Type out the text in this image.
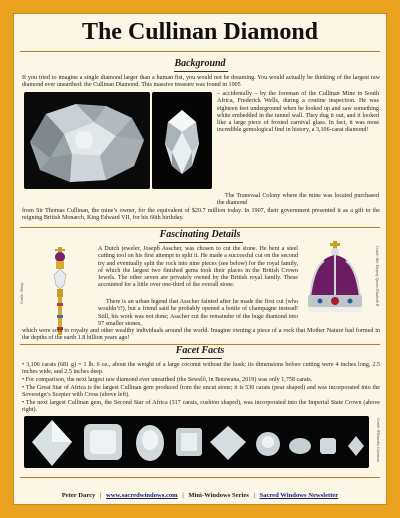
The Cullinan Diamond
Background
If you tried to imagine a single diamond larger than a human fist, you would not be dreaming. You would actually be thinking of the largest raw diamond ever unearthed: the Cullinan Diamond. This massive treasure was found in 1905
– accidentally – by the foreman of the Cullinan Mine in South Africa, Frederick Wells, during a routine inspection. He was eighteen feet underground when he looked up and saw something white embedded in the tunnel wall. They dug it out, and it looked like a large piece of frosted carnival glass. In fact, it was most incredible gemological find in history, a 3,106-carat diamond!
The Transvaal Colony where the mine was located purchased the diamond
from Sir Thomas Cullinan, the mine’s owner, for the equivalent of $20.7 million today. In 1907, their government presented it as a gift to the reigning British Monarch, King Edward VII, for his 66th birthday.
Fascinating Details
Credit: Alamy
A Dutch jeweler, Joseph Asscher, was chosen to cut the stone. He bent a steel cutting tool on his first attempt to split it. He made a successful cut on the second try and eventually split the rock into nine pieces (see below) for the royal family, of which the largest two finished gems took their places in the British Crown Jewels. The other seven are privately owned by the British royal family. These accounted for a little over one-third of the overall stone.
There is an urban legend that Asscher fainted after he made the first cut (who wouldn’t?), but a friend said he probably opened a bottle of champagne instead! Still, his work was not done; Asscher cut the remainder of the huge diamond into 97 smaller stones,
Credit: Her Majesty Queen Elizabeth II
which were sold to royalty and other wealthy individuals around the world. Imagine owning a piece of a rock that Mother Nature had formed in the depths of the earth 1.8 billion years ago!
Facet Facts
• 3,106 carats (681 g) = 1 lb. 6 oz., about the weight of a large coconut without the husk; its dimensions before cutting were 4 inches long, 2.5 inches wide, and 2.5 inches deep.
• For comparison, the next largest raw diamond ever unearthed (the Sewelô, in Botswana, 2019) was only 1,758 carats.
• The Great Star of Africa is the largest Cullinan gem produced from the uncut stone; it is 530 carats (pear shaped) and was incorporated into the Sovereign’s Scepter with Cross (above left).
• The next largest Cullinan gem, the Second Star of Africa (317 carats, cushion shaped), was incorporated into the Imperial State Crown (above right).
Credit: Wikimedia Commons
Peter Darcy | www.sacredwindows.com | Mini-Windows Series | Sacred Windows Newsletter
